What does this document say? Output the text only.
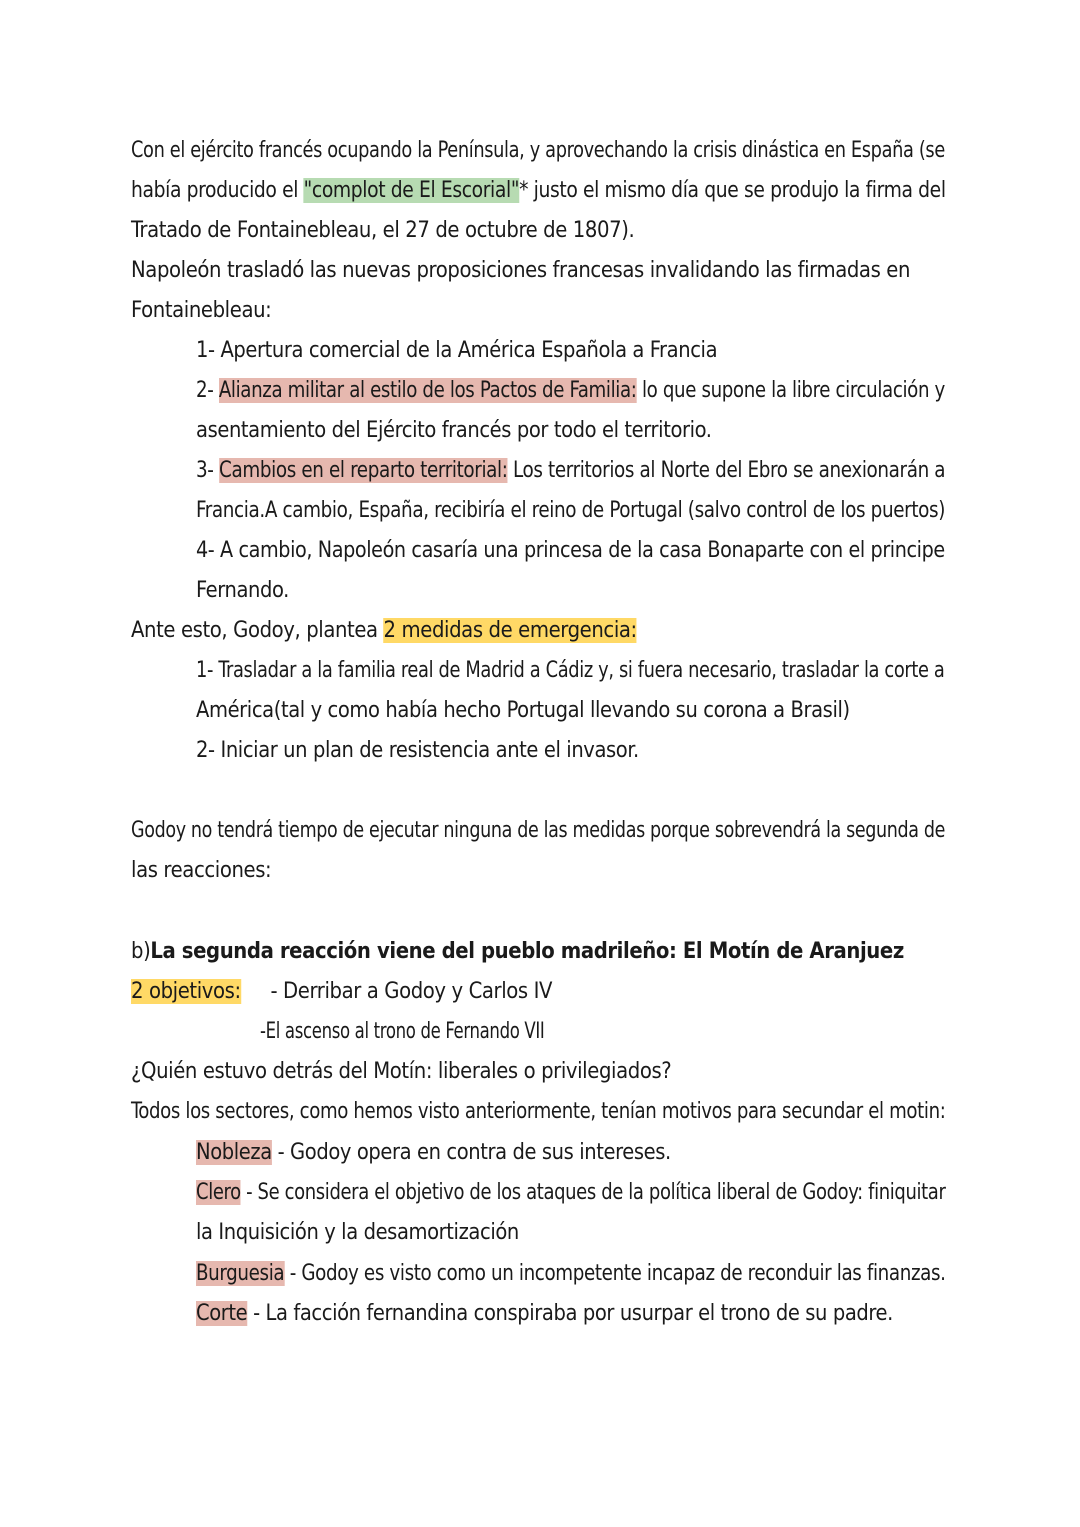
Con el ejército francés ocupando la Península, y aprovechando la crisis dinástica en España (se
había producido el "complot de El Escorial"* justo el mismo día que se produjo la firma del
Tratado de Fontainebleau, el 27 de octubre de 1807).
Napoleón trasladó las nuevas proposiciones francesas invalidando las firmadas en
Fontainebleau:
1- Apertura comercial de la América Española a Francia
2- Alianza militar al estilo de los Pactos de Familia: lo que supone la libre circulación y
asentamiento del Ejército francés por todo el territorio.
3- Cambios en el reparto territorial: Los territorios al Norte del Ebro se anexionarán a
Francia.A cambio, España, recibiría el reino de Portugal (salvo control de los puertos)
4- A cambio, Napoleón casaría una princesa de la casa Bonaparte con el principe
Fernando.
Ante esto, Godoy, plantea 2 medidas de emergencia:
1- Trasladar a la familia real de Madrid a Cádiz y, si fuera necesario, trasladar la corte a
América(tal y como había hecho Portugal llevando su corona a Brasil)
2- Iniciar un plan de resistencia ante el invasor.
Godoy no tendrá tiempo de ejecutar ninguna de las medidas porque sobrevendrá la segunda de
las reacciones:
b)La segunda reacción viene del pueblo madrileño: El Motín de Aranjuez
2 objetivos: - Derribar a Godoy y Carlos IV
-El ascenso al trono de Fernando VII
¿Quién estuvo detrás del Motín: liberales o privilegiados?
Todos los sectores, como hemos visto anteriormente, tenían motivos para secundar el motin:
Nobleza - Godoy opera en contra de sus intereses.
Clero - Se considera el objetivo de los ataques de la política liberal de Godoy: finiquitar
la Inquisición y la desamortización
Burguesia - Godoy es visto como un incompetente incapaz de reconduir las finanzas.
Corte - La facción fernandina conspiraba por usurpar el trono de su padre.
